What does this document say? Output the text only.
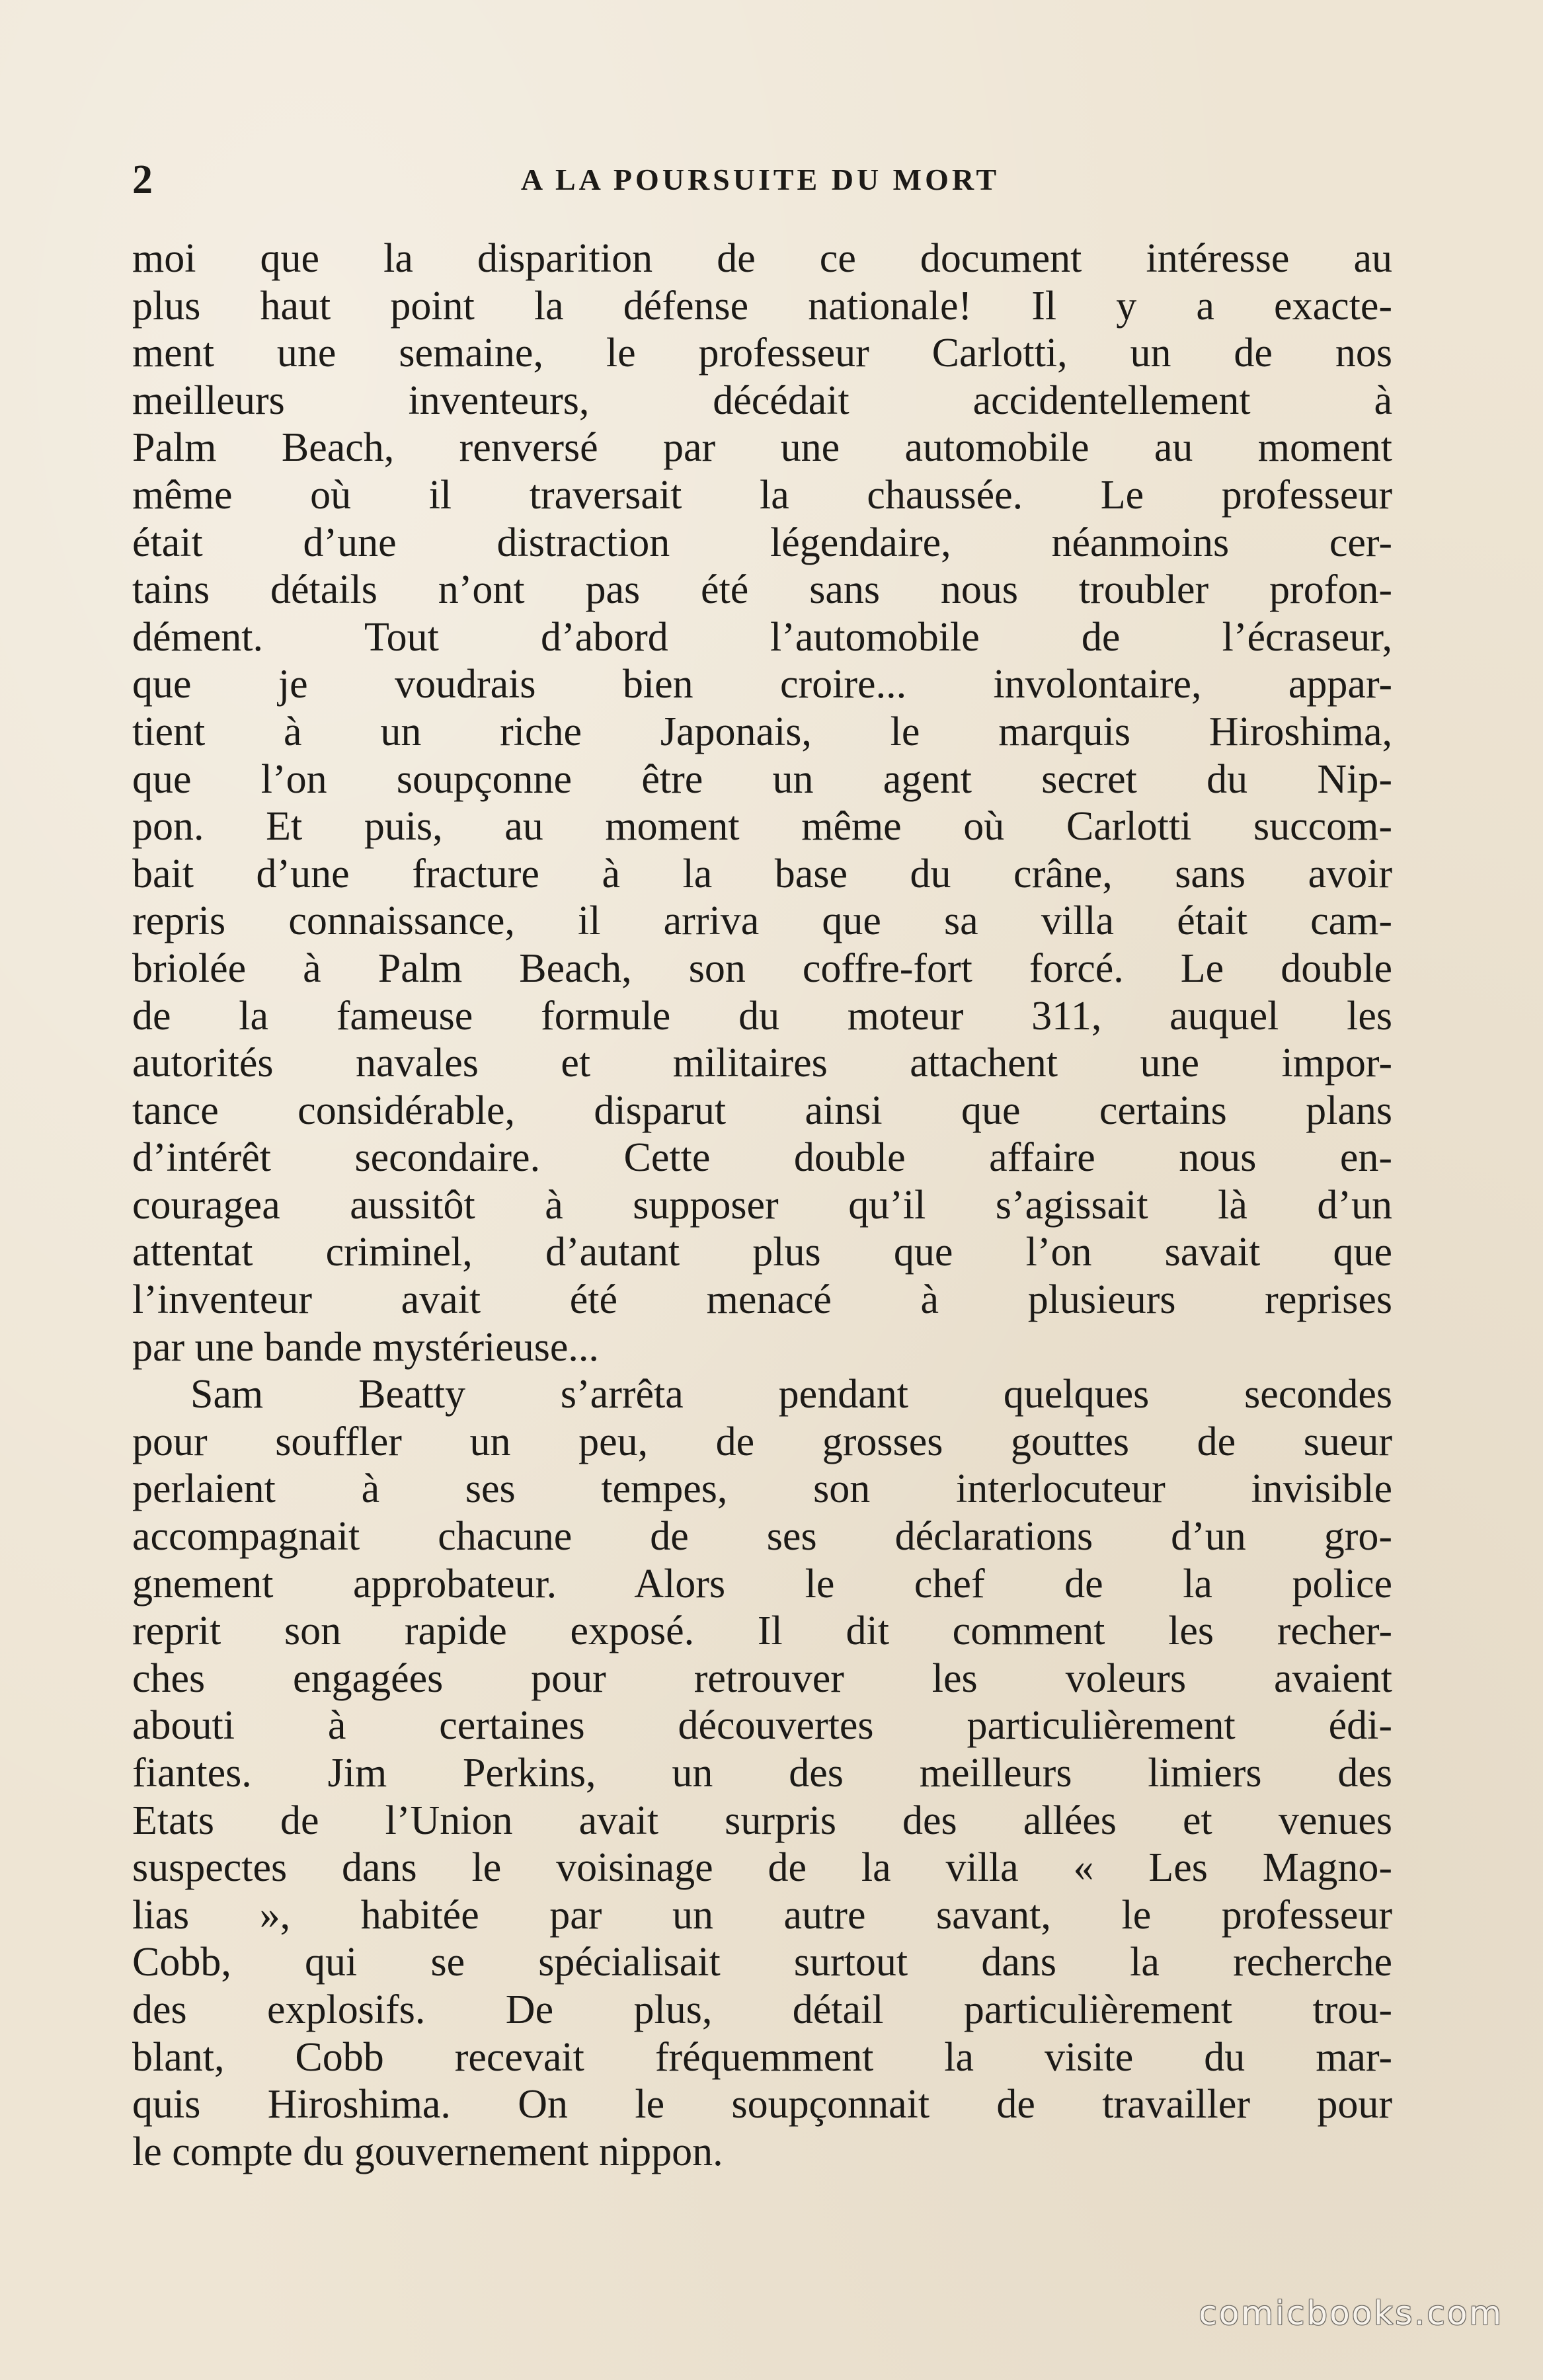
2	A LA POURSUITE DU MORT
moi que la disparition de ce document intéresse au
plus haut point la défense nationale! Il y a exacte-
ment une semaine, le professeur Carlotti, un de nos
meilleurs inventeurs, décédait accidentellement à
Palm Beach, renversé par une automobile au moment
même où il traversait la chaussée. Le professeur
était d’une distraction légendaire, néanmoins cer-
tains détails n’ont pas été sans nous troubler profon-
dément. Tout d’abord l’automobile de l’écraseur,
que je voudrais bien croire... involontaire, appar-
tient à un riche Japonais, le marquis Hiroshima,
que l’on soupçonne être un agent secret du Nip-
pon. Et puis, au moment même où Carlotti succom-
bait d’une fracture à la base du crâne, sans avoir
repris connaissance, il arriva que sa villa était cam-
briolée à Palm Beach, son coffre-fort forcé. Le double
de la fameuse formule du moteur 311, auquel les
autorités navales et militaires attachent une impor-
tance considérable, disparut ainsi que certains plans
d’intérêt secondaire. Cette double affaire nous en-
couragea aussitôt à supposer qu’il s’agissait là d’un
attentat criminel, d’autant plus que l’on savait que
l’inventeur avait été menacé à plusieurs reprises
par une bande mystérieuse...
Sam Beatty s’arrêta pendant quelques secondes
pour souffler un peu, de grosses gouttes de sueur
perlaient à ses tempes, son interlocuteur invisible
accompagnait chacune de ses déclarations d’un gro-
gnement approbateur. Alors le chef de la police
reprit son rapide exposé. Il dit comment les recher-
ches engagées pour retrouver les voleurs avaient
abouti à certaines découvertes particulièrement édi-
fiantes. Jim Perkins, un des meilleurs limiers des
Etats de l’Union avait surpris des allées et venues
suspectes dans le voisinage de la villa « Les Magno-
lias », habitée par un autre savant, le professeur
Cobb, qui se spécialisait surtout dans la recherche
des explosifs. De plus, détail particulièrement trou-
blant, Cobb recevait fréquemment la visite du mar-
quis Hiroshima. On le soupçonnait de travailler pour
le compte du gouvernement nippon.
comicbooks.com
